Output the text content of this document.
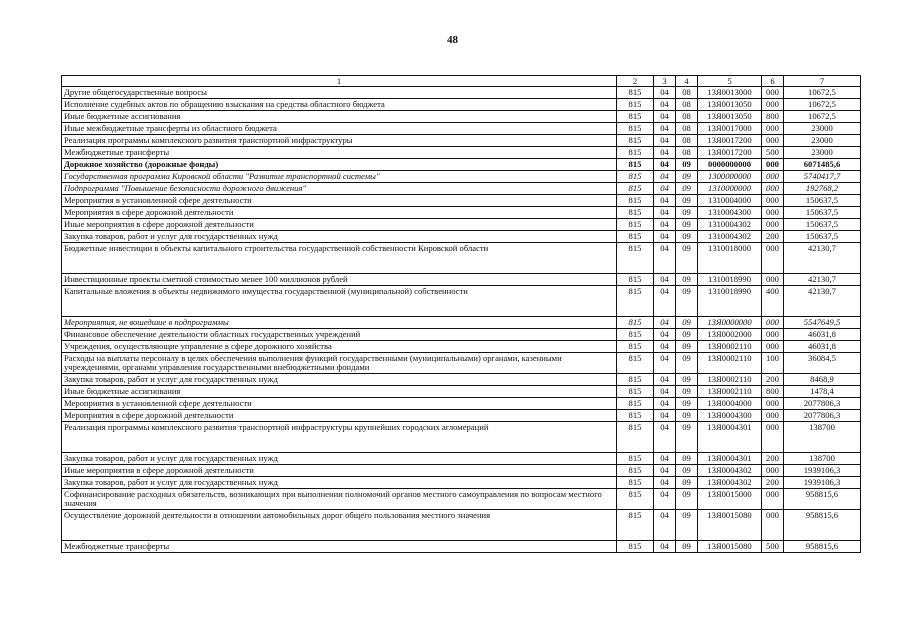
48
1	2	3	4	5	6	7
Другие общегосударственные вопросы	815	04	08	13Я0013000	000	10672,5
Исполнение судебных актов по обращению взыскания на средства областного бюджета	815	04	08	13Я0013050	000	10672,5
Иные бюджетные ассигнования	815	04	08	13Я0013050	800	10672,5
Иные межбюджетные трансферты из областного бюджета	815	04	08	13Я0017000	000	23000
Реализация программы комплексного развития транспортной инфраструктуры	815	04	08	13Я0017200	000	23000
Межбюджетные трансферты	815	04	08	13Я0017200	500	23000
Дорожное хозяйство (дорожные фонды)	815	04	09	0000000000	000	6071485,6
Государственная программа Кировской области "Развитие транспортной системы"	815	04	09	1300000000	000	5740417,7
Подпрограмма "Повышение безопасности дорожного движения"	815	04	09	1310000000	000	192768,2
Мероприятия в установленной сфере деятельности	815	04	09	1310004000	000	150637,5
Мероприятия в сфере дорожной деятельности	815	04	09	1310004300	000	150637,5
Иные мероприятия в сфере дорожной деятельности	815	04	09	1310004302	000	150637,5
Закупка товаров, работ и услуг для государственных нужд	815	04	09	1310004302	200	150637,5
Бюджетные инвестиции в объекты капитального строительства государственной собственности Кировской области	815	04	09	1310018000	000	42130,7
Инвестиционные проекты сметной стоимостью менее 100 миллионов рублей	815	04	09	1310018990	000	42130,7
Капитальные вложения в объекты недвижимого имущества государственной (муниципальной) собственности	815	04	09	1310018990	400	42130,7
Мероприятия, не вошедшие в подпрограммы	815	04	09	13Я0000000	000	5547649,5
Финансовое обеспечение деятельности областных государственных учреждений	815	04	09	13Я0002000	000	46031,8
Учреждения, осуществляющие управление в сфере дорожного хозяйства	815	04	09	13Я0002110	000	46031,8
Расходы на выплаты персоналу в целях обеспечения выполнения функций государственными (муниципальными) органами, казенными учреждениями, органами управления государственными внебюджетными фондами	815	04	09	13Я0002110	100	36084,5
Закупка товаров, работ и услуг для государственных нужд	815	04	09	13Я0002110	200	8468,9
Иные бюджетные ассигнования	815	04	09	13Я0002110	800	1478,4
Мероприятия в установленной сфере деятельности	815	04	09	13Я0004000	000	2077806,3
Мероприятия в сфере дорожной деятельности	815	04	09	13Я0004300	000	2077806,3
Реализация программы комплексного развития транспортной инфраструктуры крупнейших городских агломераций	815	04	09	13Я0004301	000	138700
Закупка товаров, работ и услуг для государственных нужд	815	04	09	13Я0004301	200	138700
Иные мероприятия в сфере дорожной деятельности	815	04	09	13Я0004302	000	1939106,3
Закупка товаров, работ и услуг для государственных нужд	815	04	09	13Я0004302	200	1939106,3
Софинансирование расходных обязательств, возникающих при выполнении полномочий органов местного самоуправления по вопросам местного значения	815	04	09	13Я0015000	000	958815,6
Осуществление дорожной деятельности в отношении автомобильных дорог общего пользования местного значения	815	04	09	13Я0015080	000	958815,6
Межбюджетные трансферты	815	04	09	13Я0015080	500	958815,6
